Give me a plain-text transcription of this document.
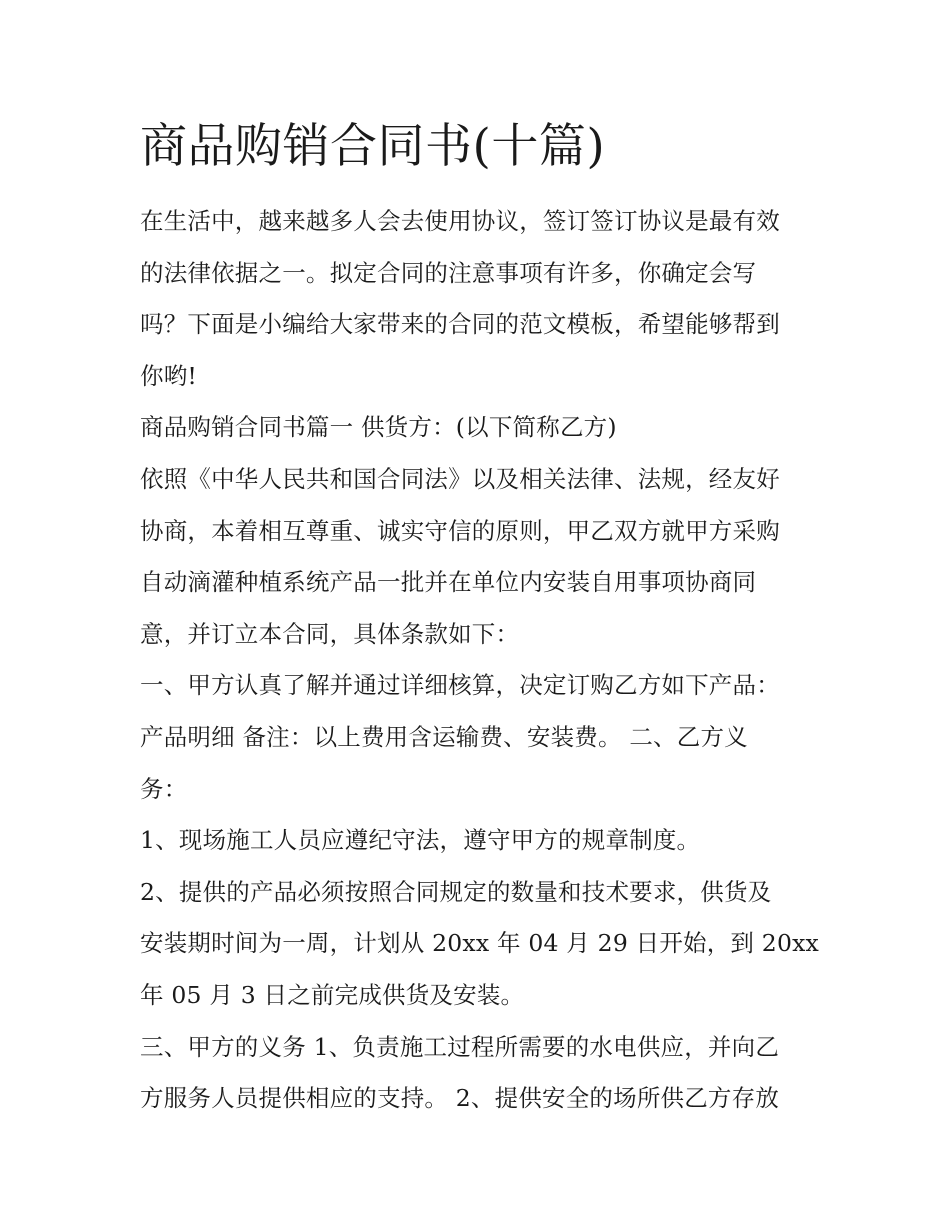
商品购销合同书(十篇)
在生活中，越来越多人会去使用协议，签订签订协议是最有效
的法律依据之一。拟定合同的注意事项有许多，你确定会写
吗？下面是小编给大家带来的合同的范文模板，希望能够帮到
你哟!
商品购销合同书篇一 供货方：(以下简称乙方)
依照《中华人民共和国合同法》以及相关法律、法规，经友好
协商，本着相互尊重、诚实守信的原则，甲乙双方就甲方采购
自动滴灌种植系统产品一批并在单位内安装自用事项协商同
意，并订立本合同，具体条款如下：
一、甲方认真了解并通过详细核算，决定订购乙方如下产品：
产品明细 备注：以上费用含运输费、安装费。 二、乙方义
务：
1、现场施工人员应遵纪守法，遵守甲方的规章制度。
2、提供的产品必须按照合同规定的数量和技术要求，供货及
安装期时间为一周，计划从 20xx 年 04 月 29 日开始，到 20xx
年 05 月 3 日之前完成供货及安装。
三、甲方的义务 1、负责施工过程所需要的水电供应，并向乙
方服务人员提供相应的支持。 2、提供安全的场所供乙方存放
